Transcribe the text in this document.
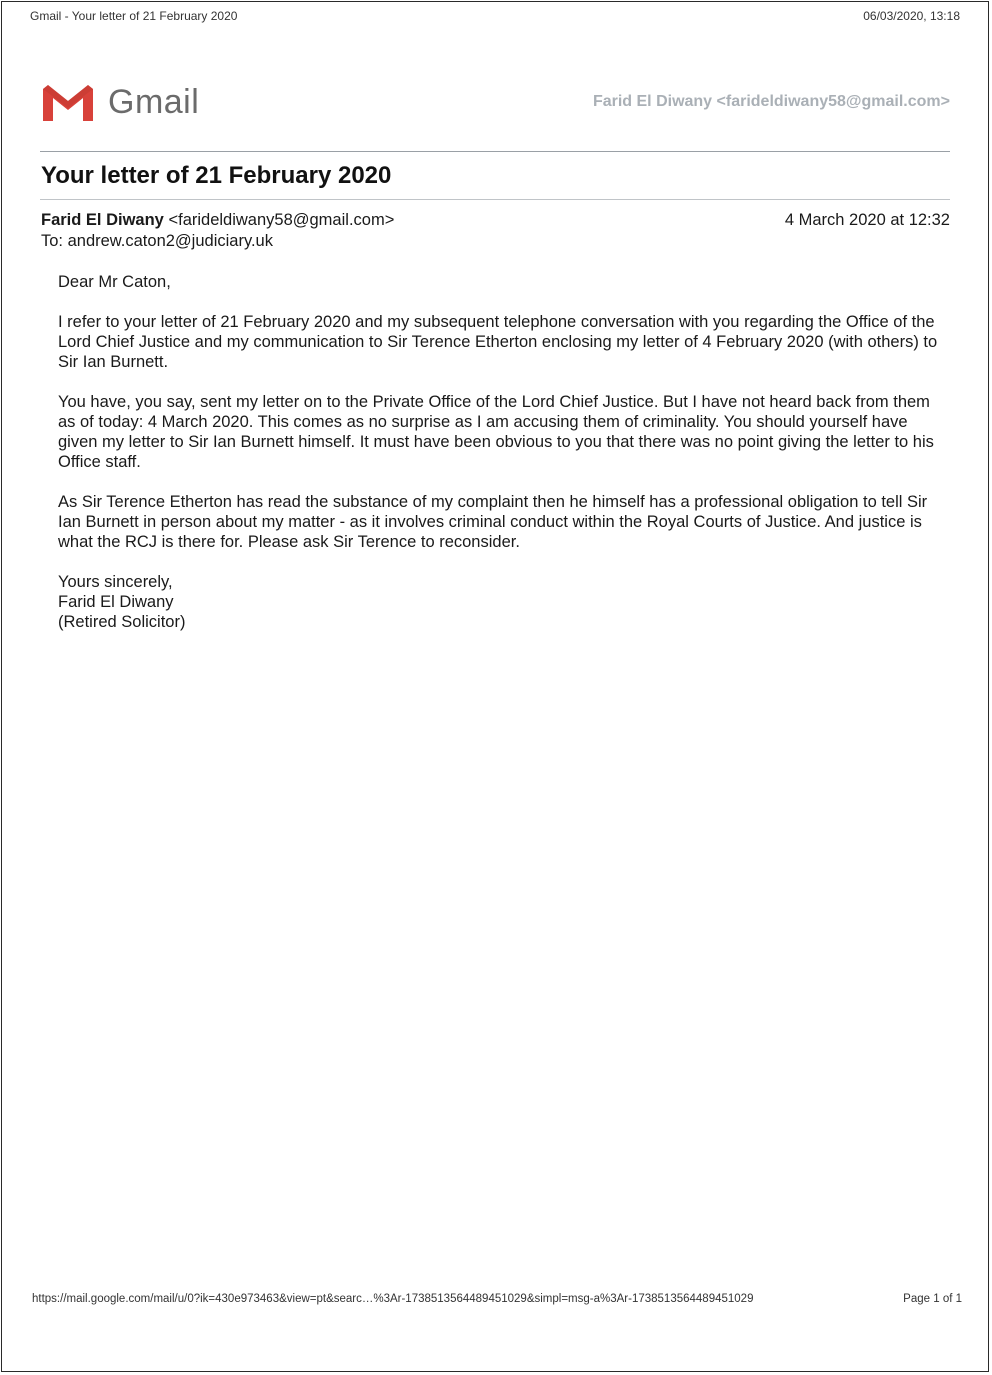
Gmail - Your letter of 21 February 2020	06/03/2020, 13:18
Gmail	Farid El Diwany <farideldiwany58@gmail.com>
Your letter of 21 February 2020
Farid El Diwany <farideldiwany58@gmail.com>	4 March 2020 at 12:32
To: andrew.caton2@judiciary.uk

Dear Mr Caton,

I refer to your letter of 21 February 2020 and my subsequent telephone conversation with you regarding the Office of the Lord Chief Justice and my communication to Sir Terence Etherton enclosing my letter of 4 February 2020 (with others) to Sir Ian Burnett.

You have, you say, sent my letter on to the Private Office of the Lord Chief Justice. But I have not heard back from them as of today: 4 March 2020. This comes as no surprise as I am accusing them of criminality. You should yourself have given my letter to Sir Ian Burnett himself. It must have been obvious to you that there was no point giving the letter to his Office staff.

As Sir Terence Etherton has read the substance of my complaint then he himself has a professional obligation to tell Sir Ian Burnett in person about my matter - as it involves criminal conduct within the Royal Courts of Justice. And justice is what the RCJ is there for. Please ask Sir Terence to reconsider.

Yours sincerely,
Farid El Diwany
(Retired Solicitor)
https://mail.google.com/mail/u/0?ik=430e973463&view=pt&searc…%3Ar-1738513564489451029&simpl=msg-a%3Ar-1738513564489451029	Page 1 of 1
